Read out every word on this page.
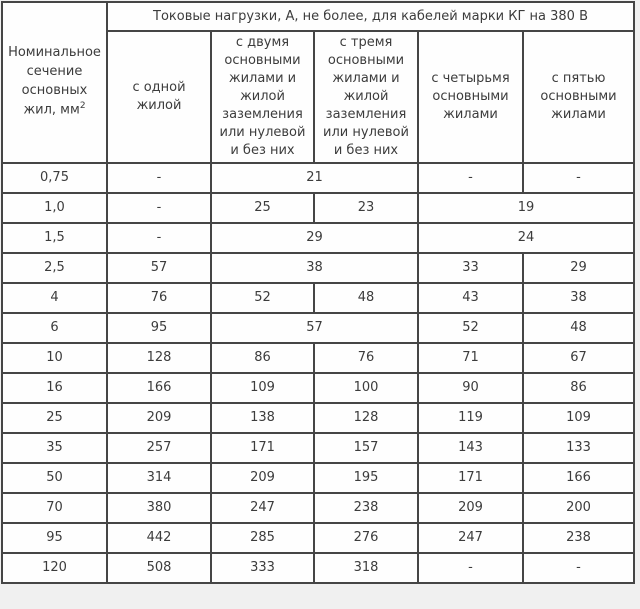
Номинальное сечение основных жил, $мм^2$	Токовые нагрузки, А, не более, для кабелей марки КГ на 380 В				
	с одной жилой	с двумя основными жилами и жилой заземления или нулевой и без них	с тремя основными жилами и жилой заземления или нулевой и без них	с четырьмя основными жилами	с пятью основными жилами
0,75	-	21		-	-
1,0	-	25	23	19	
1,5	-	29		24	
2,5	57	38		33	29
4	76	52	48	43	38
6	95	57		52	48
10	128	86	76	71	67
16	166	109	100	90	86
25	209	138	128	119	109
35	257	171	157	143	133
50	314	209	195	171	166
70	380	247	238	209	200
95	442	285	276	247	238
120	508	333	318	-	-
